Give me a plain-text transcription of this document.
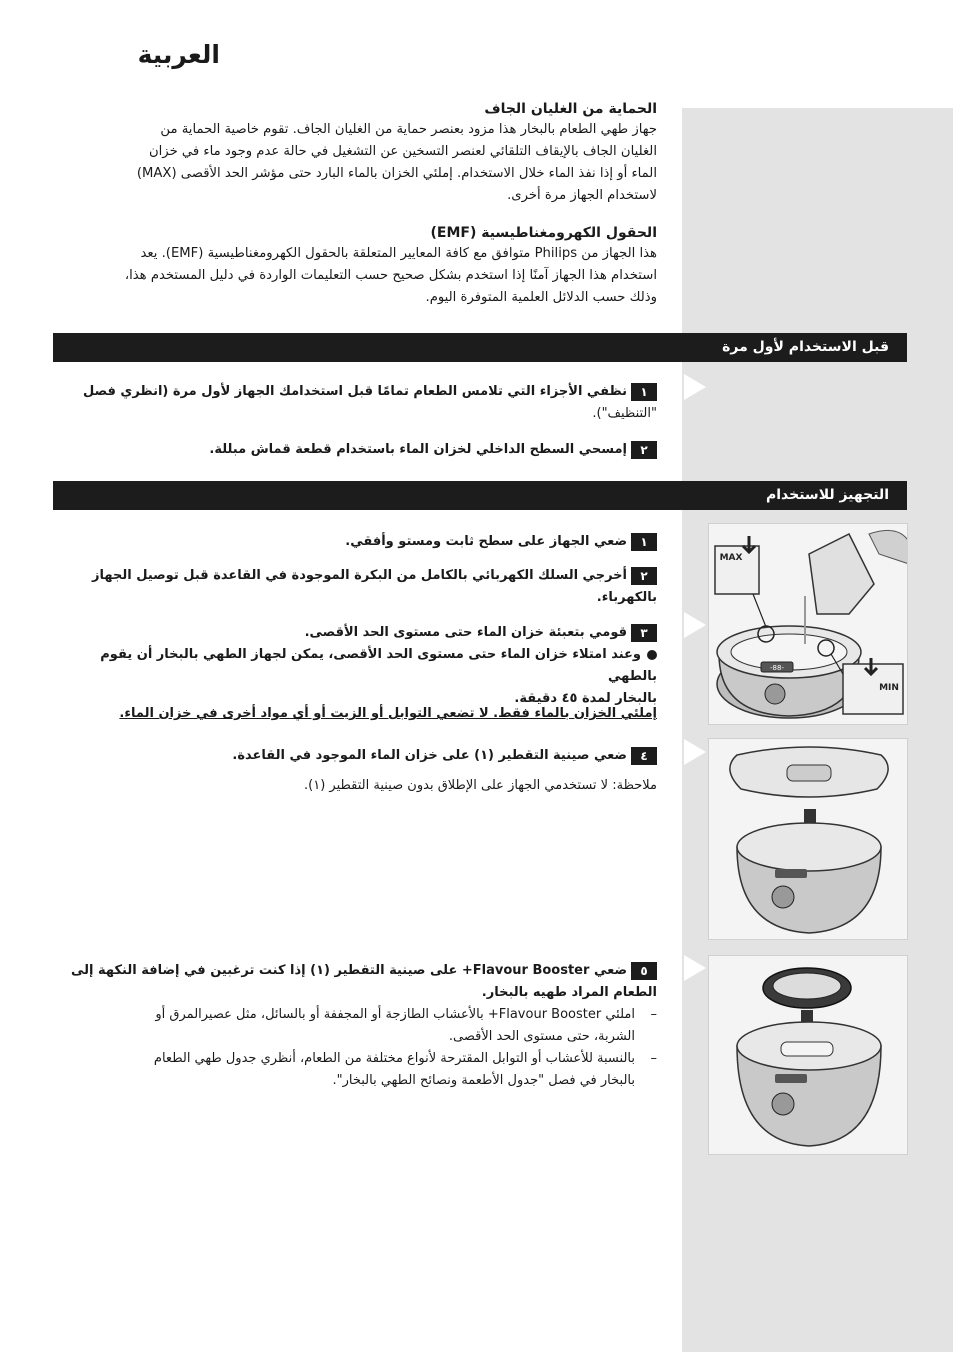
العربية
الحماية من الغليان الجاف
جهاز طهي الطعام بالبخار هذا مزود بعنصر حماية من الغليان الجاف. تقوم خاصية الحماية من
الغليان الجاف بالإيقاف التلقائي لعنصر التسخين عن التشغيل في حالة عدم وجود ماء في خزان
الماء أو إذا نفذ الماء خلال الاستخدام. إملئي الخزان بالماء البارد حتى مؤشر الحد الأقصى (MAX)
لاستخدام الجهاز مرة أخرى.
الحقول الكهرومغناطيسية (EMF)
هذا الجهاز من Philips متوافق مع كافة المعايير المتعلقة بالحقول الكهرومغناطيسية (EMF). يعد
استخدام هذا الجهاز آمنًا إذا استخدم بشكل صحيح حسب التعليمات الواردة في دليل المستخدم هذا،
وذلك حسب الدلائل العلمية المتوفرة اليوم.
قبل الاستخدام لأول مرة
١نظفي الأجزاء التي تلامس الطعام تمامًا قبل استخدامك الجهاز لأول مرة (انظري فصل
"التنظيف").
٢إمسحي السطح الداخلي لخزان الماء باستخدام قطعة قماش مبللة.
التجهيز للاستخدام
١ضعي الجهاز على سطح ثابت ومستو وأفقي.
٢أخرجي السلك الكهربائي بالكامل من البكرة الموجودة في القاعدة قبل توصيل الجهاز
بالكهرباء.
٣قومي بتعبئة خزان الماء حتى مستوى الحد الأقصى.
وعند امتلاء خزان الماء حتى مستوى الحد الأقصى، يمكن لجهاز الطهي بالبخار أن يقوم بالطهي
بالبخار لمدة ٤٥ دقيقة.
إملئي الخزان بالماء فقط. لا تضعي التوابل أو الزيت أو أي مواد أخرى في خزان الماء.
٤ضعي صينية التقطير (١) على خزان الماء الموجود في القاعدة.
ملاحظة: لا تستخدمي الجهاز على الإطلاق بدون صينية التقطير (١).
٥ضعي Flavour Booster+ على صينية التقطير (١) إذا كنت ترغبين في إضافة النكهة إلى
الطعام المراد طهيه بالبخار.
–املئي Flavour Booster+ بالأعشاب الطازجة أو المجففة أو بالسائل، مثل عصيرالمرق أو
الشربة، حتى مستوى الحد الأقصى.
–بالنسبة للأعشاب أو التوابل المقترحة لأنواع مختلفة من الطعام، أنظري جدول طهي الطعام
بالبخار في فصل "جدول الأطعمة ونصائح الطهي بالبخار".
-88-
MAX
MIN
